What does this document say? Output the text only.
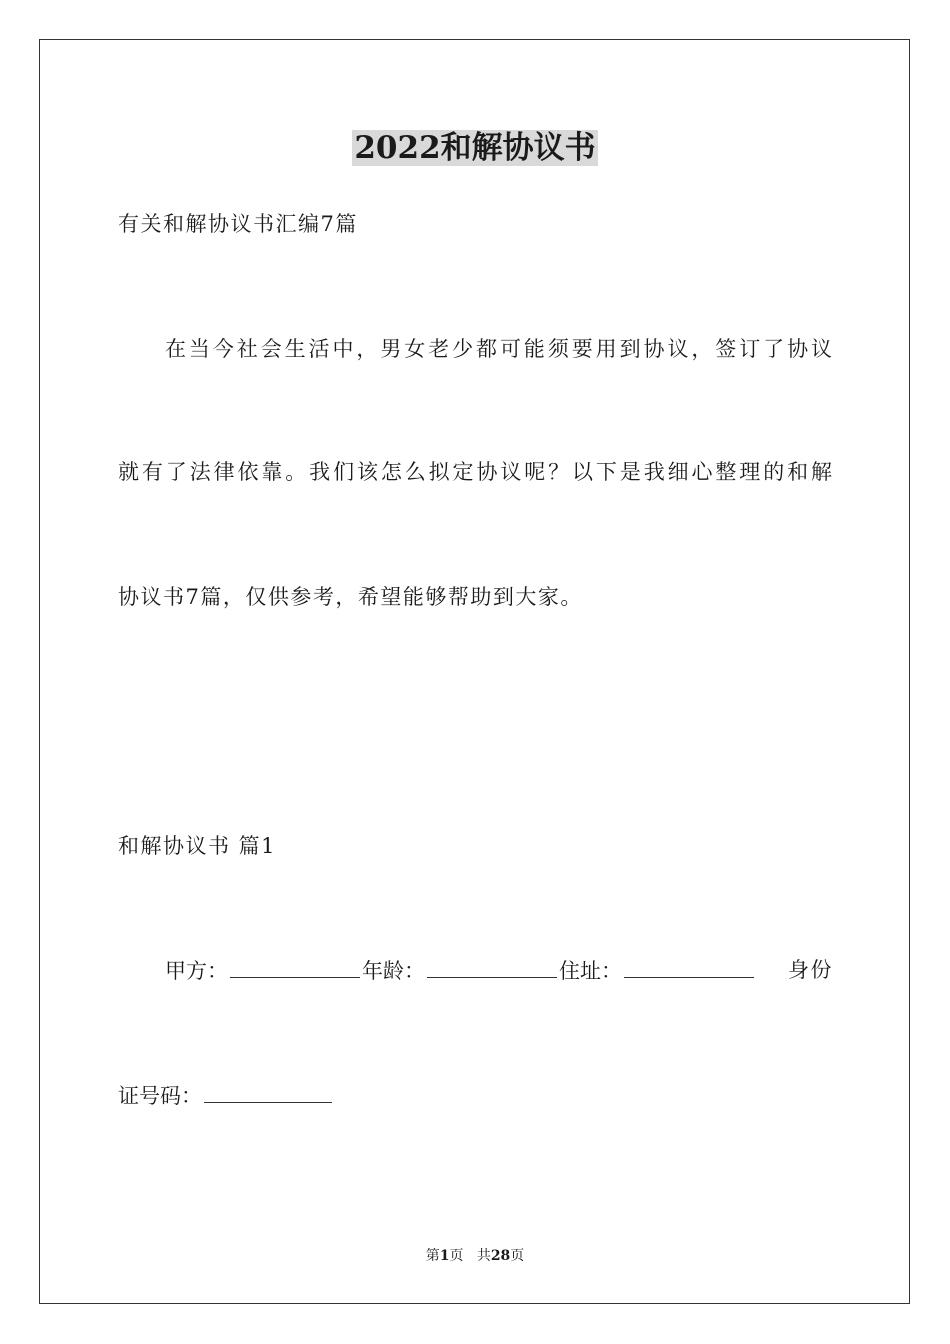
2022和解协议书
有关和解协议书汇编7篇
在当今社会生活中，男女老少都可能须要用到协议，签订了协议
就有了法律依靠。我们该怎么拟定协议呢？以下是我细心整理的和解
协议书7篇，仅供参考，希望能够帮助到大家。
和解协议书 篇1
甲方：	年龄：	住址：	身份
证号码：
第1页 共28页
